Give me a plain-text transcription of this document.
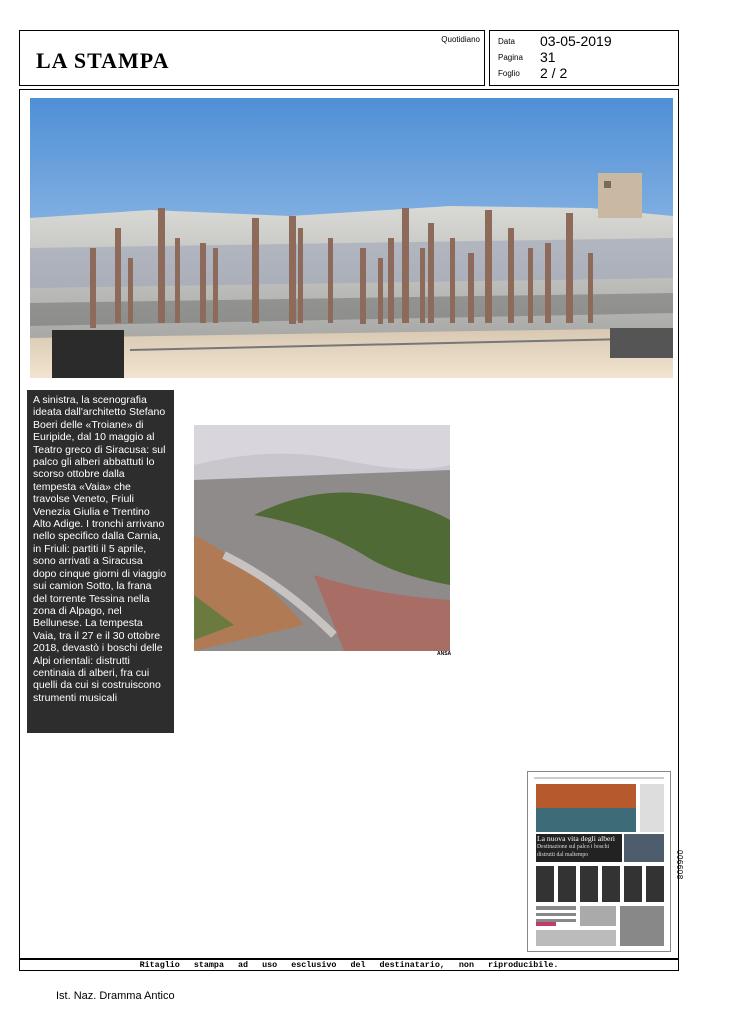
LA STAMPA
Quotidiano Data 03-05-2019
Pagina 31
Foglio 2 / 2
A sinistra, la scenografia ideata dall'architetto Stefano Boeri delle «Troiane» di Euripide, dal 10 maggio al Teatro greco di Siracusa: sul palco gli alberi abbattuti lo scorso ottobre dalla tempesta «Vaia» che travolse Veneto, Friuli Venezia Giulia e Trentino Alto Adige. I tronchi arrivano nello specifico dalla Carnia, in Friuli: partiti il 5 aprile, sono arrivati a Siracusa dopo cinque giorni di viaggio sui camion Sotto, la frana del torrente Tessina nella zona di Alpago, nel Bellunese. La tempesta Vaia, tra il 27 e il 30 ottobre 2018, devastò i boschi delle Alpi orientali: distrutti centinaia di alberi, fra cui quelli da cui si costruiscono strumenti musicali
ANSA
La nuova vita degli alberi
Destinazione sul palco i boschi distrutti dal maltempo	006608
Ritaglio stampa ad uso esclusivo del destinatario, non riproducibile.
Ist. Naz. Dramma Antico
